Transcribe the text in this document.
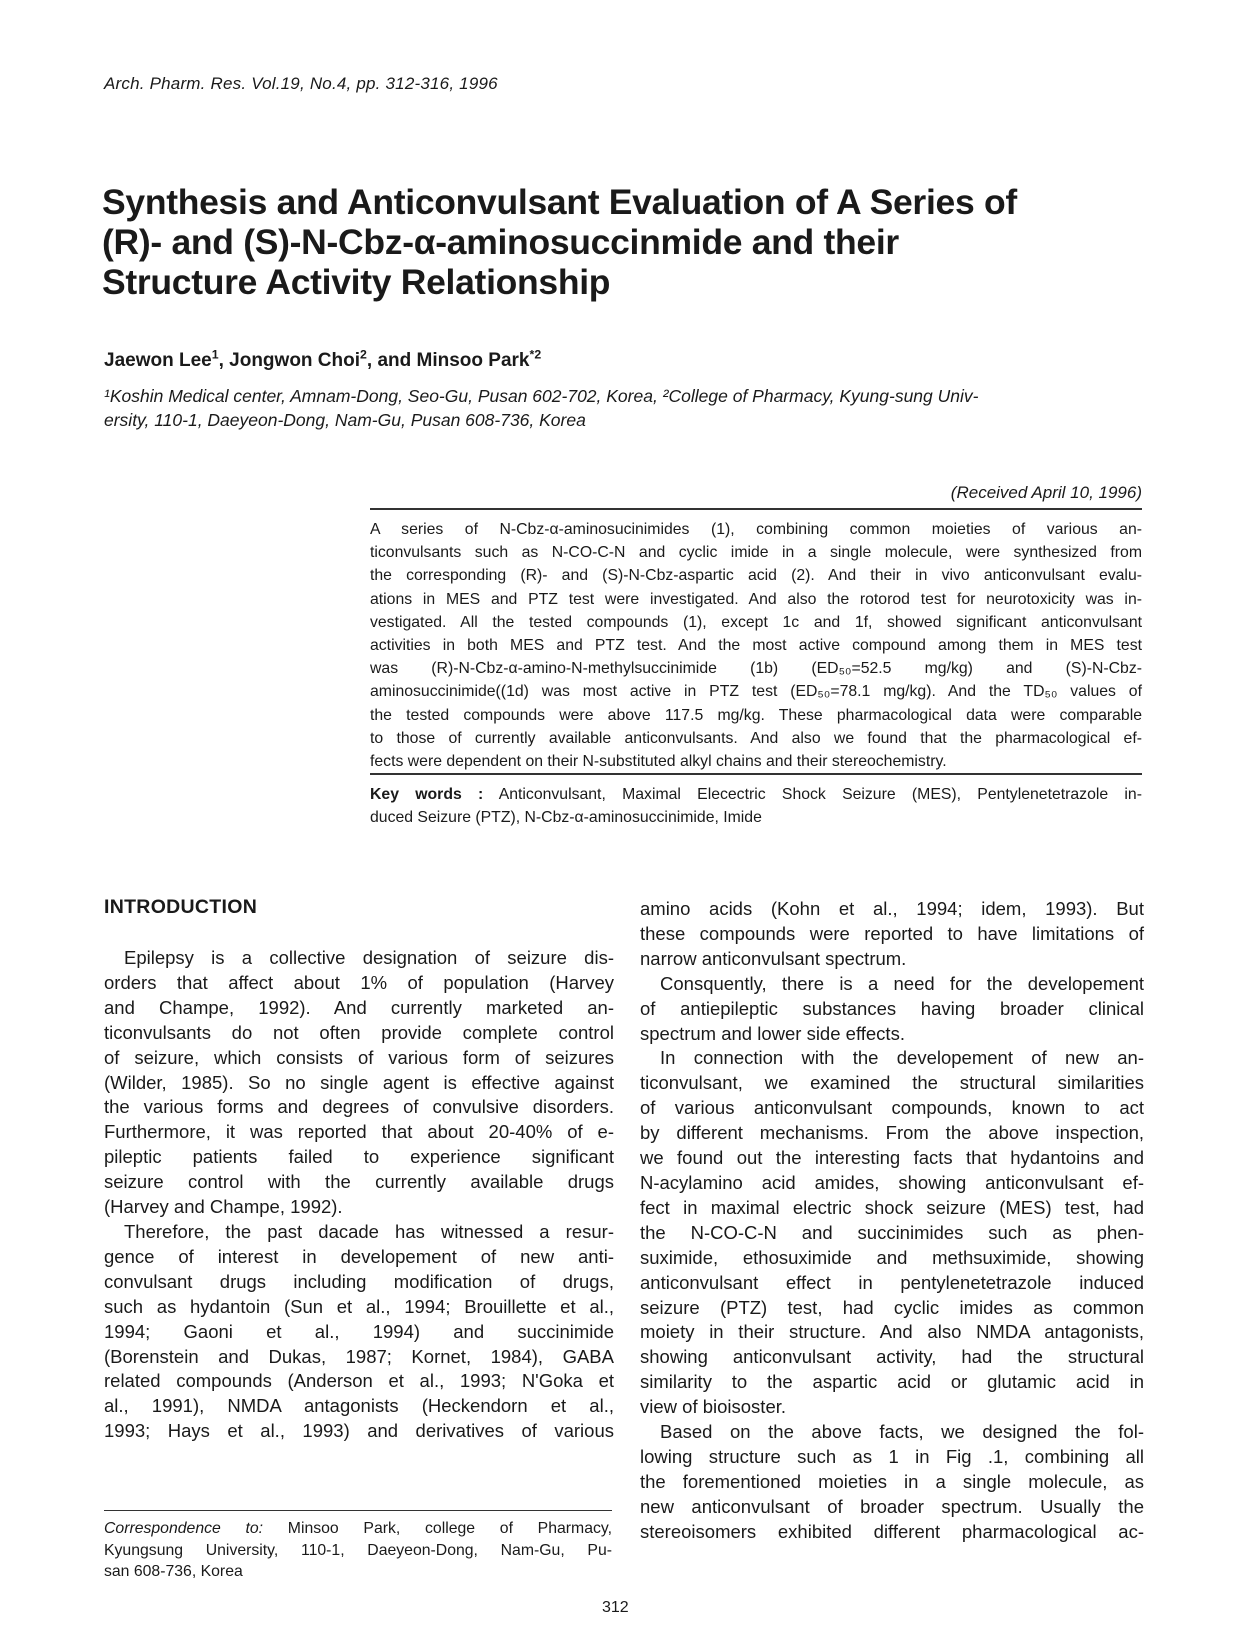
Arch. Pharm. Res. Vol.19, No.4, pp. 312-316, 1996
Synthesis and Anticonvulsant Evaluation of A Series of
(R)- and (S)-N-Cbz-α-aminosuccinmide and their
Structure Activity Relationship
Jaewon Lee$^1$, Jongwon Choi$^2$, and Minsoo Park$^{*2}$
¹Koshin Medical center, Amnam-Dong, Seo-Gu, Pusan 602-702, Korea, ²College of Pharmacy, Kyung-sung Univ-
ersity, 110-1, Daeyeon-Dong, Nam-Gu, Pusan 608-736, Korea
(Received April 10, 1996)
A series of N-Cbz-α-aminosucinimides (1), combining common moieties of various an-
ticonvulsants such as N-CO-C-N and cyclic imide in a single molecule, were synthesized from
the corresponding (R)- and (S)-N-Cbz-aspartic acid (2). And their in vivo anticonvulsant evalu-
ations in MES and PTZ test were investigated. And also the rotorod test for neurotoxicity was in-
vestigated. All the tested compounds (1), except 1c and 1f, showed significant anticonvulsant
activities in both MES and PTZ test. And the most active compound among them in MES test
was (R)-N-Cbz-α-amino-N-methylsuccinimide (1b) (ED₅₀=52.5 mg/kg) and (S)-N-Cbz-
aminosuccinimide((1d) was most active in PTZ test (ED₅₀=78.1 mg/kg). And the TD₅₀ values of
the tested compounds were above 117.5 mg/kg. These pharmacological data were comparable
to those of currently available anticonvulsants. And also we found that the pharmacological ef-
fects were dependent on their N-substituted alkyl chains and their stereochemistry.
Key words : Anticonvulsant, Maximal Elecectric Shock Seizure (MES), Pentylenetetrazole in-
duced Seizure (PTZ), N-Cbz-α-aminosuccinimide, Imide
INTRODUCTION
Epilepsy is a collective designation of seizure dis-
orders that affect about 1% of population (Harvey
and Champe, 1992). And currently marketed an-
ticonvulsants do not often provide complete control
of seizure, which consists of various form of seizures
(Wilder, 1985). So no single agent is effective against
the various forms and degrees of convulsive disorders.
Furthermore, it was reported that about 20-40% of e-
pileptic patients failed to experience significant
seizure control with the currently available drugs
(Harvey and Champe, 1992).
Therefore, the past dacade has witnessed a resur-
gence of interest in developement of new anti-
convulsant drugs including modification of drugs,
such as hydantoin (Sun et al., 1994; Brouillette et al.,
1994; Gaoni et al., 1994) and succinimide
(Borenstein and Dukas, 1987; Kornet, 1984), GABA
related compounds (Anderson et al., 1993; N'Goka et
al., 1991), NMDA antagonists (Heckendorn et al.,
1993; Hays et al., 1993) and derivatives of various
amino acids (Kohn et al., 1994; idem, 1993). But
these compounds were reported to have limitations of
narrow anticonvulsant spectrum.
Consquently, there is a need for the developement
of antiepileptic substances having broader clinical
spectrum and lower side effects.
In connection with the developement of new an-
ticonvulsant, we examined the structural similarities
of various anticonvulsant compounds, known to act
by different mechanisms. From the above inspection,
we found out the interesting facts that hydantoins and
N-acylamino acid amides, showing anticonvulsant ef-
fect in maximal electric shock seizure (MES) test, had
the N-CO-C-N and succinimides such as phen-
suximide, ethosuximide and methsuximide, showing
anticonvulsant effect in pentylenetetrazole induced
seizure (PTZ) test, had cyclic imides as common
moiety in their structure. And also NMDA antagonists,
showing anticonvulsant activity, had the structural
similarity to the aspartic acid or glutamic acid in
view of bioisoster.
Based on the above facts, we designed the fol-
lowing structure such as 1 in Fig .1, combining all
the forementioned moieties in a single molecule, as
new anticonvulsant of broader spectrum. Usually the
stereoisomers exhibited different pharmacological ac-
Correspondence to: Minsoo Park, college of Pharmacy,
Kyungsung University, 110-1, Daeyeon-Dong, Nam-Gu, Pu-
san 608-736, Korea
312
